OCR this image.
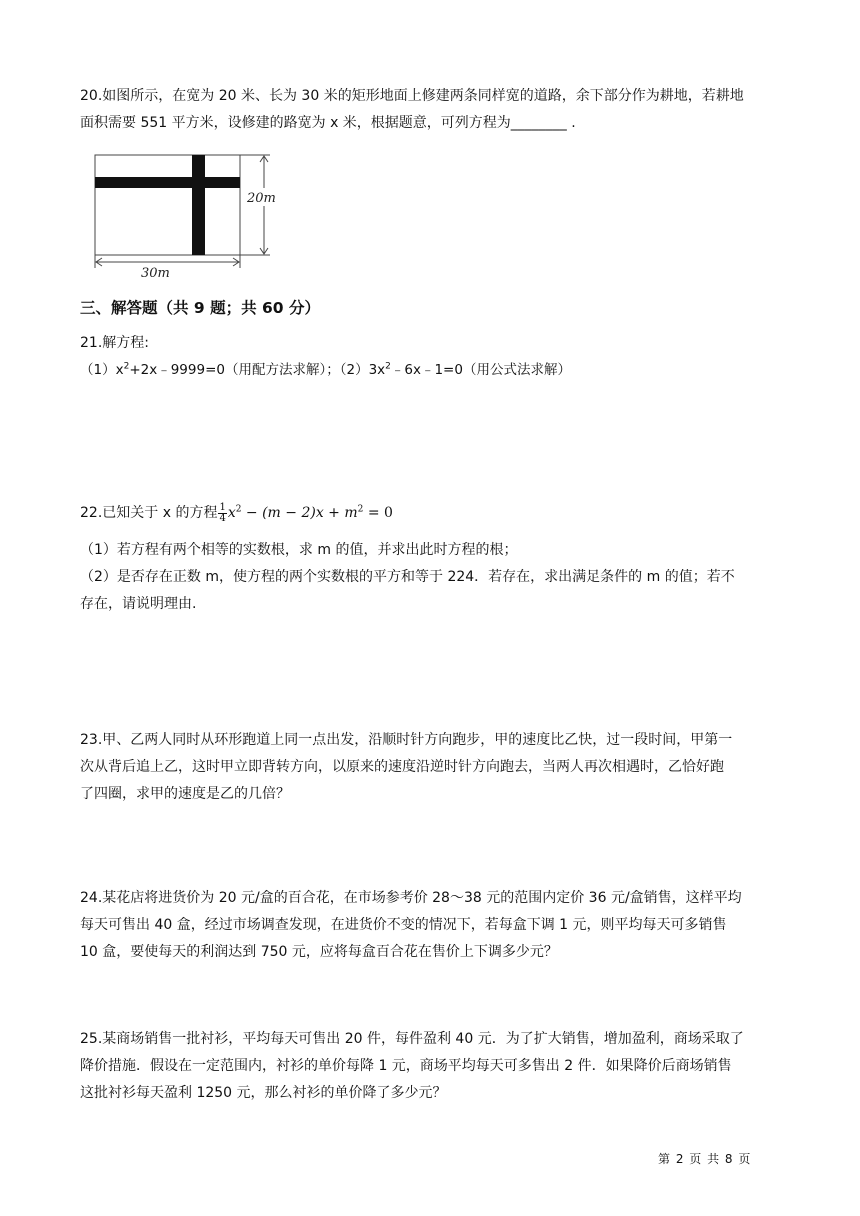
20.如图所示，在宽为 20 米、长为 30 米的矩形地面上修建两条同样宽的道路，余下部分作为耕地，若耕地
面积需要 551 平方米，设修建的路宽为 x 米，根据题意，可列方程为________ .
20m
30m
三、解答题（共 9 题；共 60 分）
21.解方程:
$(1)x^2+2x﹣9999=0$（用配方法求解）；$(2)3x^2﹣6x﹣1=0$（用公式法求解）
22.已知关于 x 的方程 $\frac{1}{4} x^2 - (m - 2)x + m^2 = 0$
（1）若方程有两个相等的实数根，求 m 的值，并求出此时方程的根；
（2）是否存在正数 m，使方程的两个实数根的平方和等于 224．若存在，求出满足条件的 m 的值；若不
存在，请说明理由.
23.甲、乙两人同时从环形跑道上同一点出发，沿顺时针方向跑步，甲的速度比乙快，过一段时间，甲第一
次从背后追上乙，这时甲立即背转方向，以原来的速度沿逆时针方向跑去，当两人再次相遇时，乙恰好跑
了四圈，求甲的速度是乙的几倍？
24.某花店将进货价为 20 元/盒的百合花，在市场参考价 28～38 元的范围内定价 36 元/盒销售，这样平均
每天可售出 40 盒，经过市场调查发现，在进货价不变的情况下，若每盒下调 1 元，则平均每天可多销售
10 盒，要使每天的利润达到 750 元，应将每盒百合花在售价上下调多少元？
25.某商场销售一批衬衫，平均每天可售出 20 件，每件盈利 40 元．为了扩大销售，增加盈利，商场采取了
降价措施．假设在一定范围内，衬衫的单价每降 1 元，商场平均每天可多售出 2 件．如果降价后商场销售
这批衬衫每天盈利 1250 元，那么衬衫的单价降了多少元？
第 2 页 共 8 页
